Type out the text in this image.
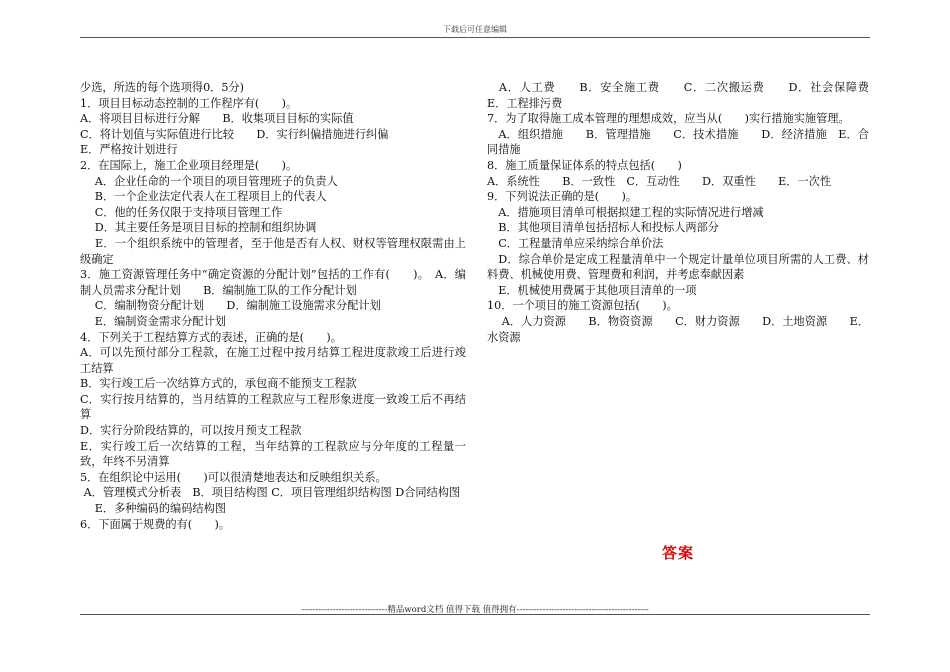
下载后可任意编辑

少选，所选的每个选项得0．5分)

1．项目目标动态控制的工作程序有(　　)。

A．将项目目标进行分解　　B．收集项目目标的实际值

C．将计划值与实际值进行比较　　D．实行纠偏措施进行纠偏

E．严格按计划进行

2．在国际上，施工企业项目经理是(　　)。

　 A．企业任命的一个项目的项目管理班子的负责人

　 B．一个企业法定代表人在工程项目上的代表人

　 C．他的任务仅限于支持项目管理工作

　 D．其主要任务是项目目标的控制和组织协调

　 E．一个组织系统中的管理者，至于他是否有人权、财权等管理权限需由上级确定

3．施工资源管理任务中“确定资源的分配计划”包括的工作有(　　)。　A．编制人员需求分配计划　　B．编制施工队的工作分配计划

　 C．编制物资分配计划　　D．编制施工设施需求分配计划

　 E．编制资金需求分配计划

4．下列关于工程结算方式的表述，正确的是(　　)。

A．可以先预付部分工程款，在施工过程中按月结算工程进度款竣工后进行竣工结算

B．实行竣工后一次结算方式的，承包商不能预支工程款

C．实行按月结算的，当月结算的工程款应与工程形象进度一致竣工后不再结算

D．实行分阶段结算的，可以按月预支工程款

E．实行竣工后一次结算的工程，当年结算的工程款应与分年度的工程量一致，年终不另清算

5．在组织论中运用(　　)可以很清楚地表达和反映组织关系。

A．管理模式分析表　B．项目结构图 C．项目管理组织结构图 D合同结构图

　 E．多种编码的编码结构图

6．下面属于规费的有(　　)。

　A．人工费　　B．安全施工费　　C．二次搬运费　　D．社会保障费　　E．工程排污费

7．为了取得施工成本管理的理想成效，应当从(　　)实行措施实施管理。

　A．组织措施　　B．管理措施　　C．技术措施　　D．经济措施　E．合同措施

8．施工质量保证体系的特点包括(　　)

A．系统性　　B．一致性　C．互动性　　D．双重性　　E．一次性

9．下列说法正确的是(　　)。

　A．措施项目清单可根据拟建工程的实际情况进行增减

　B．其他项目清单包括招标人和投标人两部分

　C．工程量清单应采纳综合单价法

　D．综合单价是定成工程量清单中一个规定计量单位项目所需的人工费、材料费、机械使用费、管理费和利润，并考虑奉献因素

　E．机械使用费属于其他项目清单的一项

10．一个项目的施工资源包括(　　)。

　 A．人力资源　　B．物资资源　　C．财力资源　　D．土地资源　　E．水资源

答案
------------------------------精品word文档 值得下载 值得拥有----------------------------------------------
